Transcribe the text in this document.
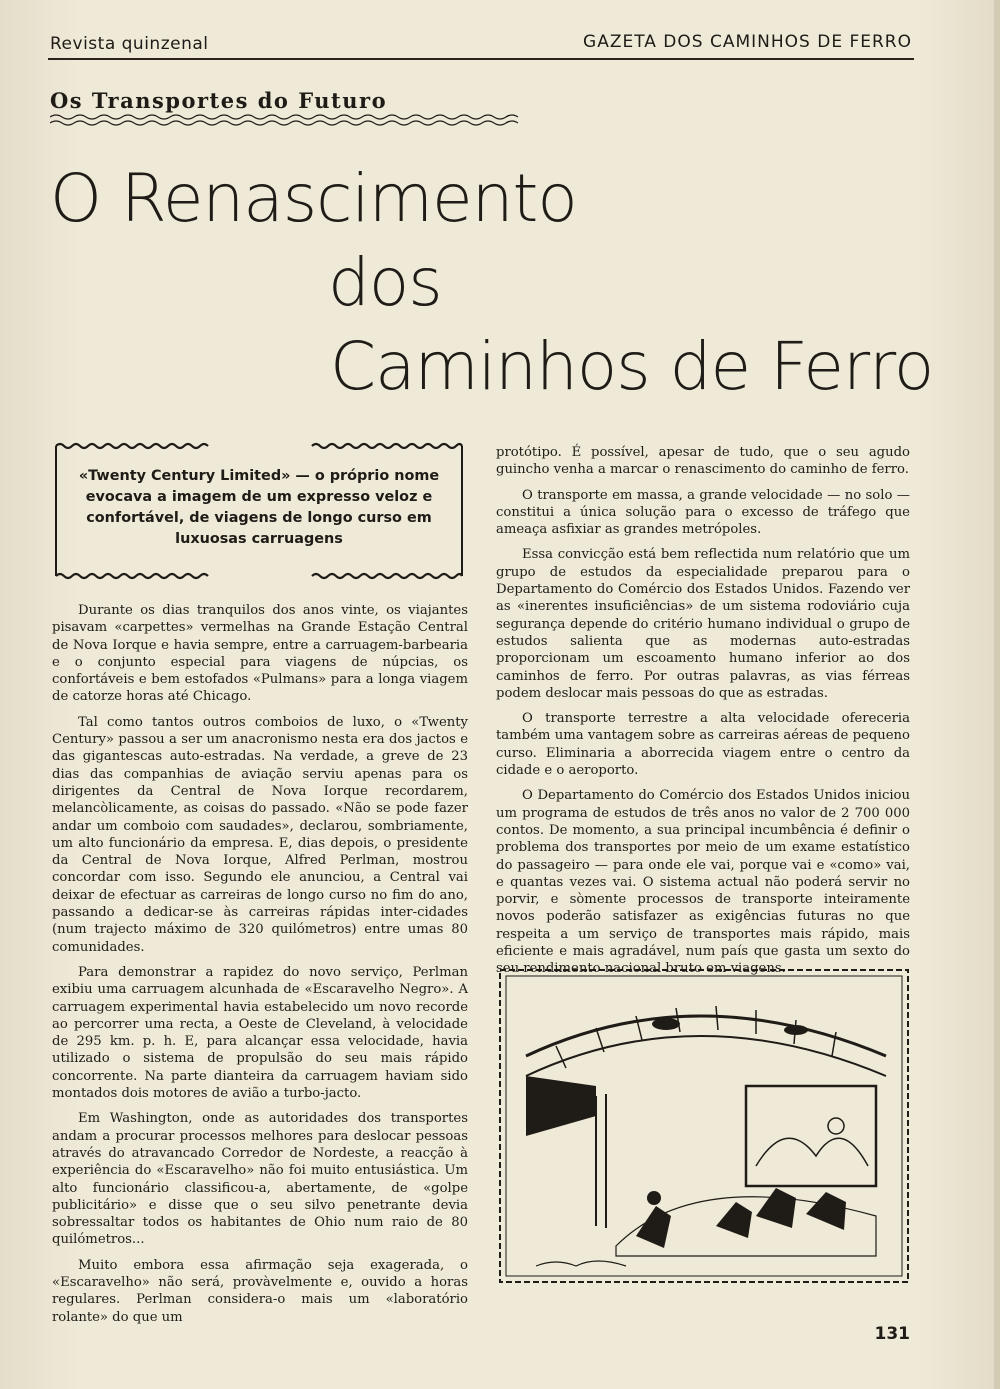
Revista quinzenal	GAZETA DOS CAMINHOS DE FERRO
Os Transportes do Futuro
O Renascimento
dos
Caminhos de Ferro
«Twenty Century Limited» — o próprio nome evocava a imagem de um expresso veloz e confortável, de viagens de longo curso em luxuosas carruagens

Durante os dias tranquilos dos anos vinte, os viajantes pisavam «carpettes» vermelhas na Grande Estação Central de Nova Iorque e havia sempre, entre a carruagem-barbearia e o conjunto especial para viagens de núpcias, os confortáveis e bem estofados «Pulmans» para a longa viagem de catorze horas até Chicago.

Tal como tantos outros comboios de luxo, o «Twenty Century» passou a ser um anacronismo nesta era dos jactos e das gigantescas auto-estradas. Na verdade, a greve de 23 dias das companhias de aviação serviu apenas para os dirigentes da Central de Nova Iorque recordarem, melancòlicamente, as coisas do passado. «Não se pode fazer andar um comboio com saudades», declarou, sombriamente, um alto funcionário da empresa. E, dias depois, o presidente da Central de Nova Iorque, Alfred Perlman, mostrou concordar com isso. Segundo ele anunciou, a Central vai deixar de efectuar as carreiras de longo curso no fim do ano, passando a dedicar-se às carreiras rápidas inter-cidades (num trajecto máximo de 320 quilómetros) entre umas 80 comunidades.

Para demonstrar a rapidez do novo serviço, Perlman exibiu uma carruagem alcunhada de «Escaravelho Negro». A carruagem experimental havia estabelecido um novo recorde ao percorrer uma recta, a Oeste de Cleveland, à velocidade de 295 km. p. h. E, para alcançar essa velocidade, havia utilizado o sistema de propulsão do seu mais rápido concorrente. Na parte dianteira da carruagem haviam sido montados dois motores de avião a turbo-jacto.

Em Washington, onde as autoridades dos transportes andam a procurar processos melhores para deslocar pessoas através do atravancado Corredor de Nordeste, a reacção à experiência do «Escaravelho» não foi muito entusiástica. Um alto funcionário classificou-a, abertamente, de «golpe publicitário» e disse que o seu silvo penetrante devia sobressaltar todos os habitantes de Ohio num raio de 80 quilómetros...

Muito embora essa afirmação seja exagerada, o «Escaravelho» não será, provàvelmente e, ouvido a horas regulares. Perlman considera-o mais um «laboratório rolante» do que um

protótipo. É possível, apesar de tudo, que o seu agudo guincho venha a marcar o renascimento do caminho de ferro.

O transporte em massa, a grande velocidade — no solo — constitui a única solução para o excesso de tráfego que ameaça asfixiar as grandes metrópoles.

Essa convicção está bem reflectida num relatório que um grupo de estudos da especialidade preparou para o Departamento do Comércio dos Estados Unidos. Fazendo ver as «inerentes insuficiências» de um sistema rodoviário cuja segurança depende do critério humano individual o grupo de estudos salienta que as modernas auto-estradas proporcionam um escoamento humano inferior ao dos caminhos de ferro. Por outras palavras, as vias férreas podem deslocar mais pessoas do que as estradas.

O transporte terrestre a alta velocidade ofereceria também uma vantagem sobre as carreiras aéreas de pequeno curso. Eliminaria a aborrecida viagem entre o centro da cidade e o aeroporto.

O Departamento do Comércio dos Estados Unidos iniciou um programa de estudos de três anos no valor de 2 700 000 contos. De momento, a sua principal incumbência é definir o problema dos transportes por meio de um exame estatístico do passageiro — para onde ele vai, porque vai e «como» vai, e quantas vezes vai. O sistema actual não poderá servir no porvir, e sòmente processos de transporte inteiramente novos poderão satisfazer as exigências futuras no que respeita a um serviço de transportes mais rápido, mais eficiente e mais agradável, num país que gasta um sexto do seu rendimento nacional bruto em viagens.

131
